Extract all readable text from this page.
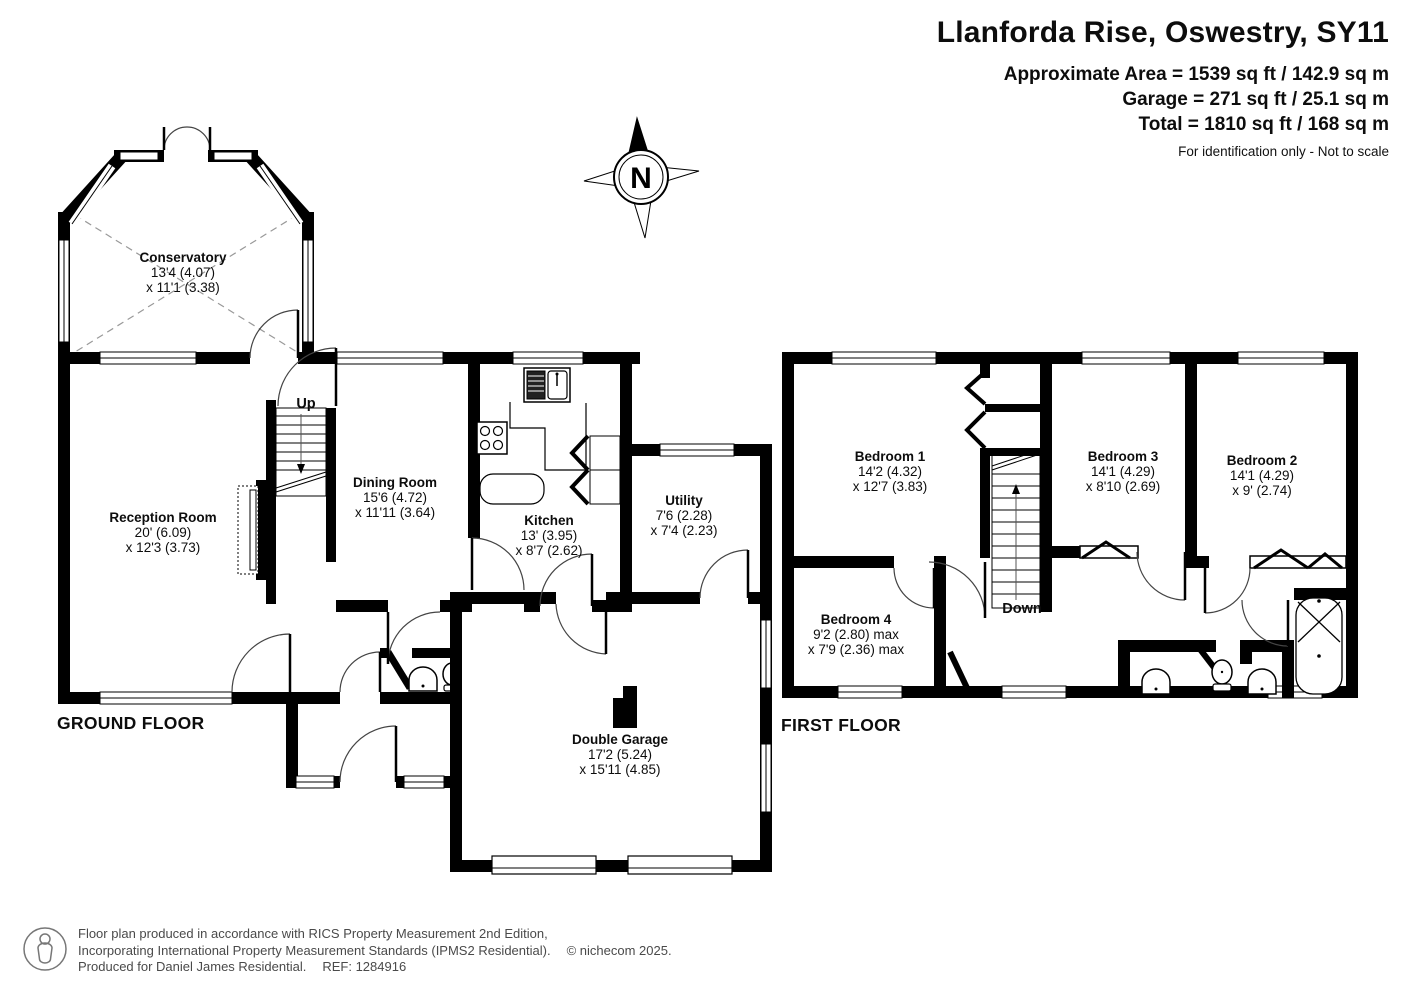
N
Llanforda Rise, Oswestry, SY11
Approximate Area = 1539 sq ft / 142.9 sq m
Garage = 271 sq ft / 25.1 sq m
Total = 1810 sq ft / 168 sq m
For identification only - Not to scale
Conservatory
13'4 (4.07)
x 11'1 (3.38)
Reception Room
20' (6.09)
x 12'3 (3.73)
Dining Room
15'6 (4.72)
x 11'11 (3.64)
Kitchen
13' (3.95)
x 8'7 (2.62)
Utility
7'6 (2.28)
x 7'4 (2.23)
Double Garage
17'2 (5.24)
x 15'11 (4.85)
Bedroom 1
14'2 (4.32)
x 12'7 (3.83)
Bedroom 3
14'1 (4.29)
x 8'10 (2.69)
Bedroom 2
14'1 (4.29)
x 9' (2.74)
Bedroom 4
9'2 (2.80) max
x 7'9 (2.36) max
Up
Down
GROUND FLOOR	FIRST FLOOR
Floor plan produced in accordance with RICS Property Measurement 2nd Edition,
Incorporating International Property Measurement Standards (IPMS2 Residential). © nichecom 2025.
Produced for Daniel James Residential. REF: 1284916
